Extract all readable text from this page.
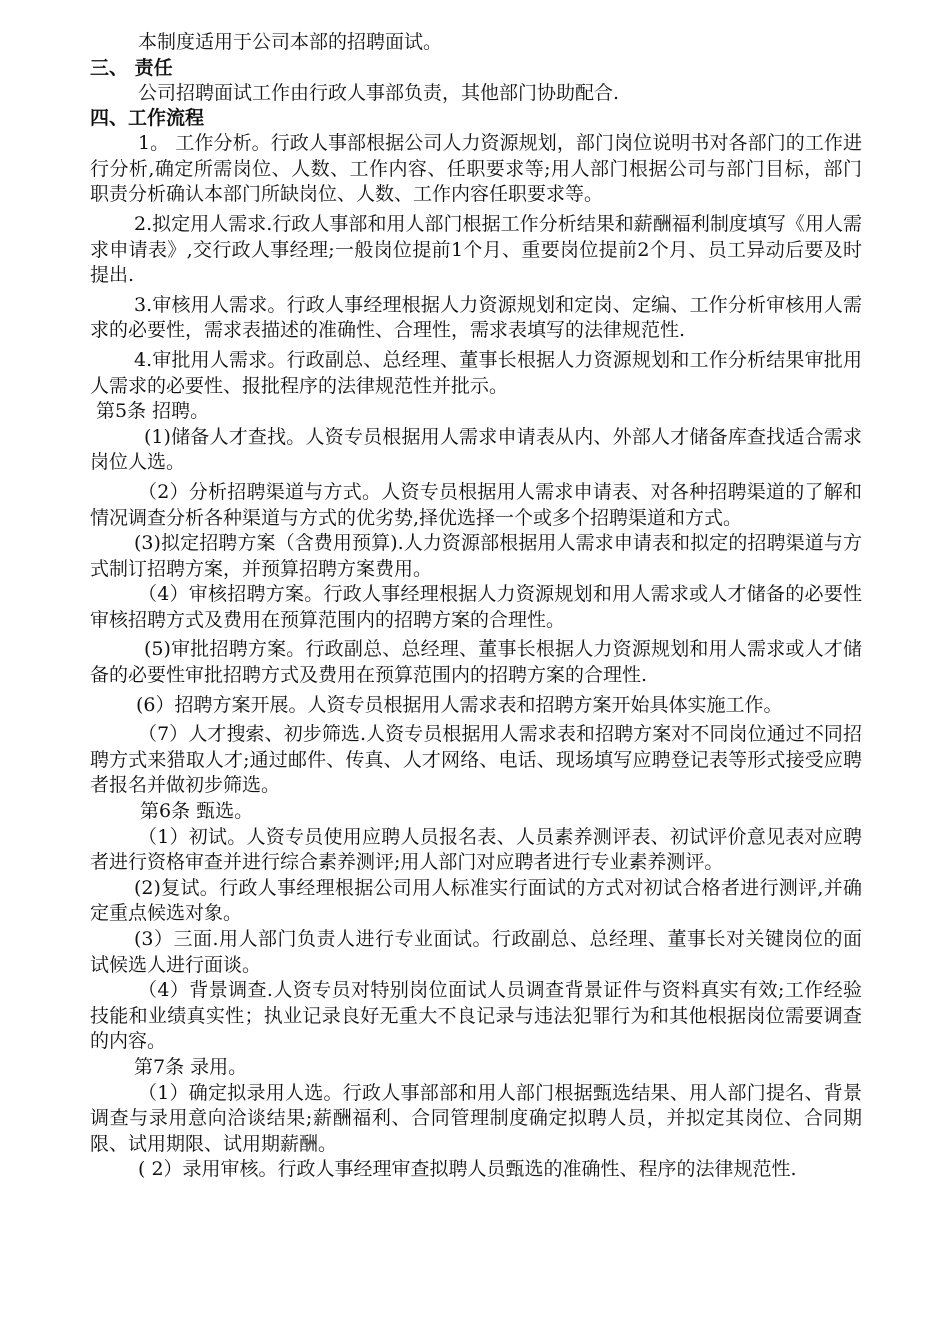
本制度适用于公司本部的招聘面试。

三、 责任

公司招聘面试工作由行政人事部负责，其他部门协助配合.

四、工作流程

1。 工作分析。行政人事部根据公司人力资源规划，部门岗位说明书对各部门的工作进行分析,确定所需岗位、人数、工作内容、任职要求等;用人部门根据公司与部门目标，部门职责分析确认本部门所缺岗位、人数、工作内容任职要求等。

2.拟定用人需求.行政人事部和用人部门根据工作分析结果和薪酬福利制度填写《用人需求申请表》,交行政人事经理;一般岗位提前1个月、重要岗位提前2个月、员工异动后要及时提出.

3.审核用人需求。行政人事经理根据人力资源规划和定岗、定编、工作分析审核用人需求的必要性，需求表描述的准确性、合理性，需求表填写的法律规范性.

4.审批用人需求。行政副总、总经理、董事长根据人力资源规划和工作分析结果审批用人需求的必要性、报批程序的法律规范性并批示。

第5条 招聘。

(1)储备人才查找。人资专员根据用人需求申请表从内、外部人才储备库查找适合需求岗位人选。

（2）分析招聘渠道与方式。人资专员根据用人需求申请表、对各种招聘渠道的了解和情况调查分析各种渠道与方式的优劣势,择优选择一个或多个招聘渠道和方式。

(3)拟定招聘方案（含费用预算).人力资源部根据用人需求申请表和拟定的招聘渠道与方式制订招聘方案，并预算招聘方案费用。

（4）审核招聘方案。行政人事经理根据人力资源规划和用人需求或人才储备的必要性审核招聘方式及费用在预算范围内的招聘方案的合理性。

(5)审批招聘方案。行政副总、总经理、董事长根据人力资源规划和用人需求或人才储备的必要性审批招聘方式及费用在预算范围内的招聘方案的合理性.

(6）招聘方案开展。人资专员根据用人需求表和招聘方案开始具体实施工作。

（7）人才搜索、初步筛选.人资专员根据用人需求表和招聘方案对不同岗位通过不同招聘方式来猎取人才;通过邮件、传真、人才网络、电话、现场填写应聘登记表等形式接受应聘者报名并做初步筛选。

第6条 甄选。

（1）初试。人资专员使用应聘人员报名表、人员素养测评表、初试评价意见表对应聘者进行资格审查并进行综合素养测评;用人部门对应聘者进行专业素养测评。

(2)复试。行政人事经理根据公司用人标准实行面试的方式对初试合格者进行测评,并确定重点候选对象。

(3）三面.用人部门负责人进行专业面试。行政副总、总经理、董事长对关键岗位的面试候选人进行面谈。

（4）背景调查.人资专员对特别岗位面试人员调查背景证件与资料真实有效;工作经验技能和业绩真实性；执业记录良好无重大不良记录与违法犯罪行为和其他根据岗位需要调查的内容。

第7条 录用。

（1）确定拟录用人选。行政人事部部和用人部门根据甄选结果、用人部门提名、背景调查与录用意向洽谈结果;薪酬福利、合同管理制度确定拟聘人员，并拟定其岗位、合同期限、试用期限、试用期薪酬。

( 2）录用审核。行政人事经理审查拟聘人员甄选的准确性、程序的法律规范性.
